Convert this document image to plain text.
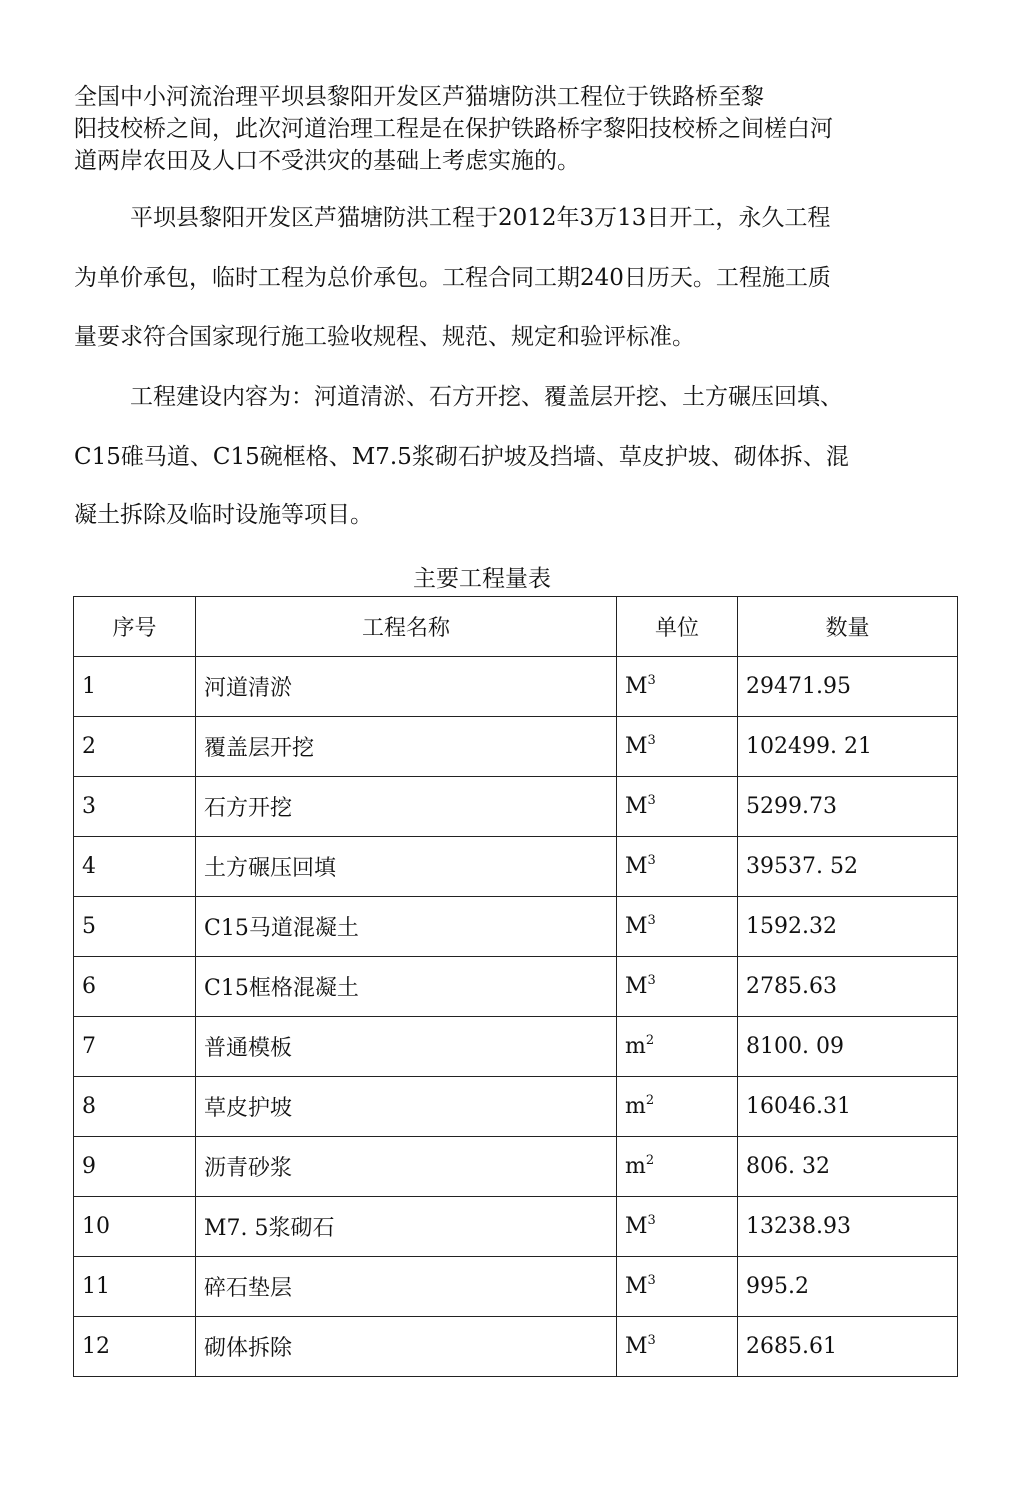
全国中小河流治理平坝县黎阳开发区芦猫塘防洪工程位于铁路桥至黎
阳技校桥之间，此次河道治理工程是在保护铁路桥字黎阳技校桥之间槎白河
道两岸农田及人口不受洪灾的基础上考虑实施的。
平坝县黎阳开发区芦猫塘防洪工程于2012年3万13日开工，永久工程
为单价承包，临时工程为总价承包。工程合同工期240日历天。工程施工质
量要求符合国家现行施工验收规程、规范、规定和验评标准。
工程建设内容为：河道清淤、石方开挖、覆盖层开挖、土方碾压回填、
C15碓马道、C15碗框格、M7.5浆砌石护坡及挡墙、草皮护坡、砌体拆、混
凝土拆除及临时设施等项目。
主要工程量表
序号	工程名称	单位	数量
1	河道清淤	$M^3$	29471.95
2	覆盖层开挖	$M^3$	102499. 21
3	石方开挖	$M^3$	5299.73
4	土方碾压回填	$M^3$	39537. 52
5	C15马道混凝土	$M^3$	1592.32
6	C15框格混凝土	$M^3$	2785.63
7	普通模板	$m^2$	8100. 09
8	草皮护坡	$m^2$	16046.31
9	沥青砂浆	$m^2$	806. 32
10	M7. 5浆砌石	$M^3$	13238.93
11	碎石垫层	$M^3$	995.2
12	砌体拆除	$M^3$	2685.61
